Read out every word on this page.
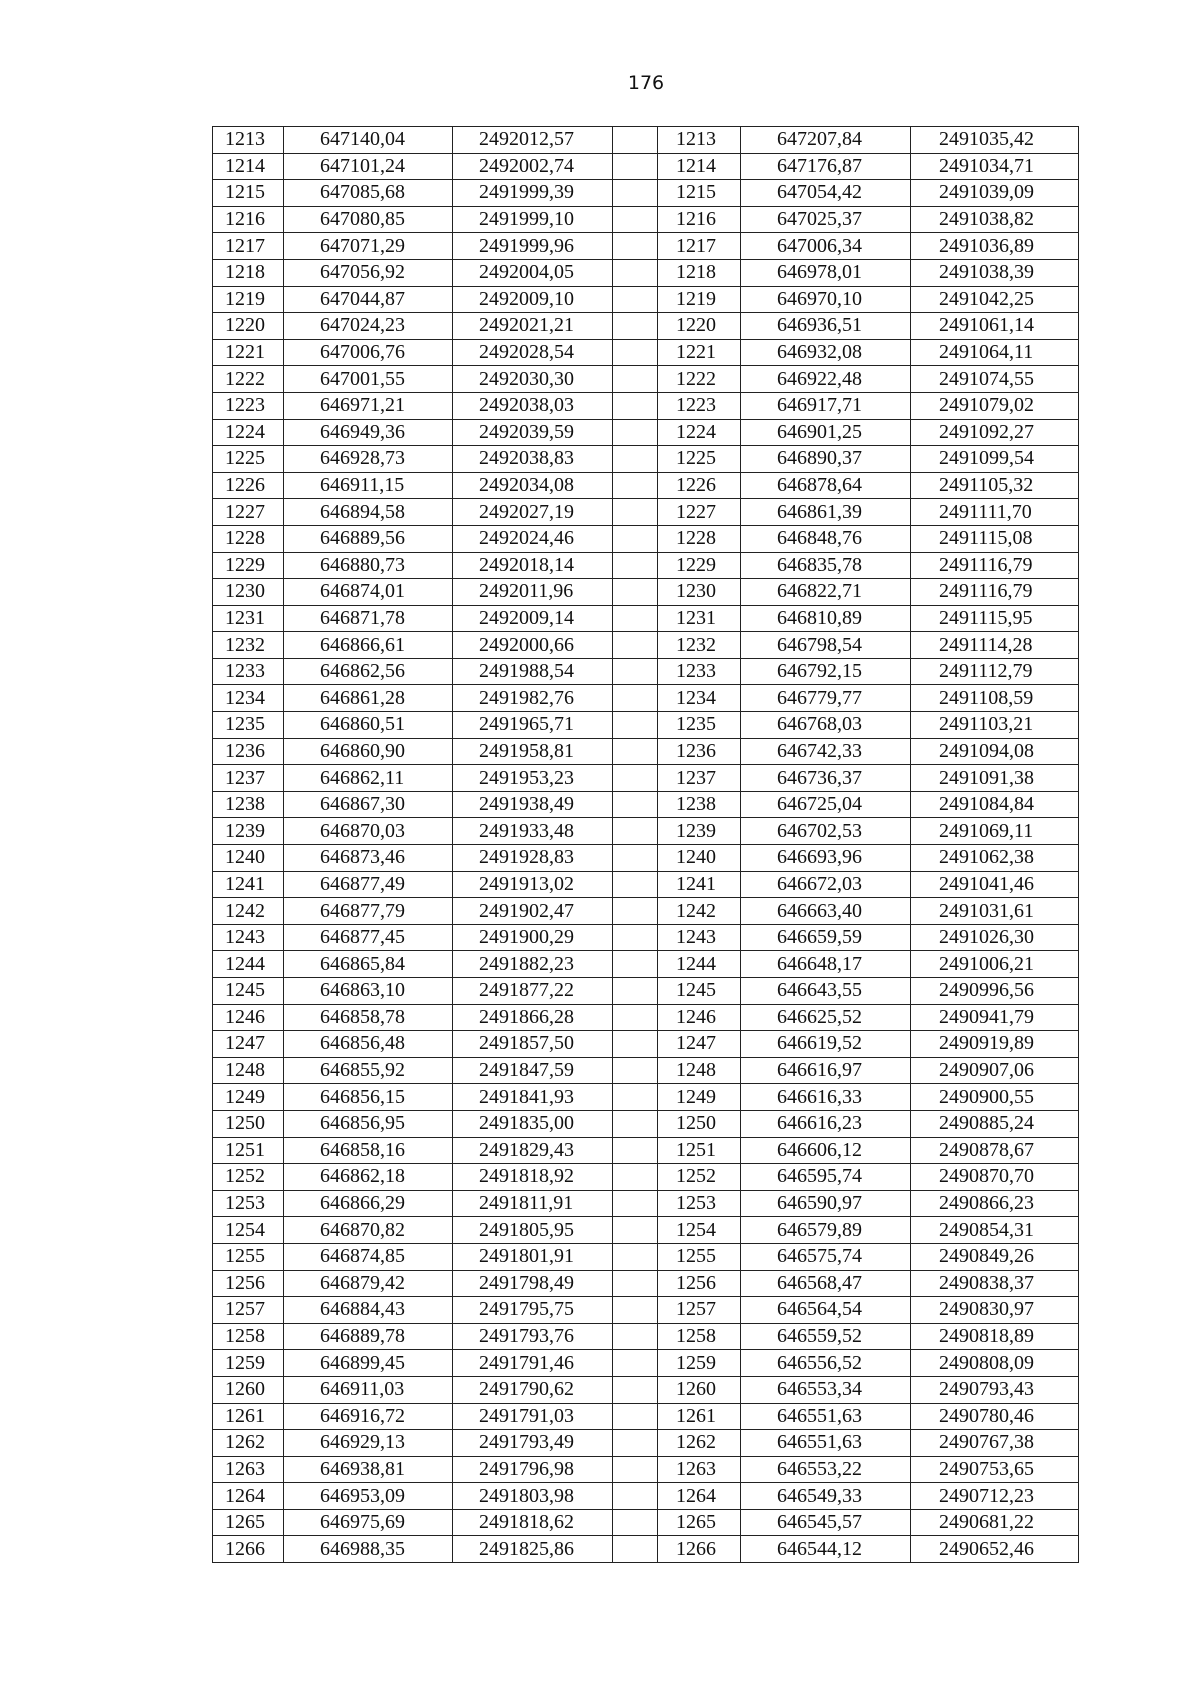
176
1213	647140,04	2492012,57		1213	647207,84	2491035,42
1214	647101,24	2492002,74		1214	647176,87	2491034,71
1215	647085,68	2491999,39		1215	647054,42	2491039,09
1216	647080,85	2491999,10		1216	647025,37	2491038,82
1217	647071,29	2491999,96		1217	647006,34	2491036,89
1218	647056,92	2492004,05		1218	646978,01	2491038,39
1219	647044,87	2492009,10		1219	646970,10	2491042,25
1220	647024,23	2492021,21		1220	646936,51	2491061,14
1221	647006,76	2492028,54		1221	646932,08	2491064,11
1222	647001,55	2492030,30		1222	646922,48	2491074,55
1223	646971,21	2492038,03		1223	646917,71	2491079,02
1224	646949,36	2492039,59		1224	646901,25	2491092,27
1225	646928,73	2492038,83		1225	646890,37	2491099,54
1226	646911,15	2492034,08		1226	646878,64	2491105,32
1227	646894,58	2492027,19		1227	646861,39	2491111,70
1228	646889,56	2492024,46		1228	646848,76	2491115,08
1229	646880,73	2492018,14		1229	646835,78	2491116,79
1230	646874,01	2492011,96		1230	646822,71	2491116,79
1231	646871,78	2492009,14		1231	646810,89	2491115,95
1232	646866,61	2492000,66		1232	646798,54	2491114,28
1233	646862,56	2491988,54		1233	646792,15	2491112,79
1234	646861,28	2491982,76		1234	646779,77	2491108,59
1235	646860,51	2491965,71		1235	646768,03	2491103,21
1236	646860,90	2491958,81		1236	646742,33	2491094,08
1237	646862,11	2491953,23		1237	646736,37	2491091,38
1238	646867,30	2491938,49		1238	646725,04	2491084,84
1239	646870,03	2491933,48		1239	646702,53	2491069,11
1240	646873,46	2491928,83		1240	646693,96	2491062,38
1241	646877,49	2491913,02		1241	646672,03	2491041,46
1242	646877,79	2491902,47		1242	646663,40	2491031,61
1243	646877,45	2491900,29		1243	646659,59	2491026,30
1244	646865,84	2491882,23		1244	646648,17	2491006,21
1245	646863,10	2491877,22		1245	646643,55	2490996,56
1246	646858,78	2491866,28		1246	646625,52	2490941,79
1247	646856,48	2491857,50		1247	646619,52	2490919,89
1248	646855,92	2491847,59		1248	646616,97	2490907,06
1249	646856,15	2491841,93		1249	646616,33	2490900,55
1250	646856,95	2491835,00		1250	646616,23	2490885,24
1251	646858,16	2491829,43		1251	646606,12	2490878,67
1252	646862,18	2491818,92		1252	646595,74	2490870,70
1253	646866,29	2491811,91		1253	646590,97	2490866,23
1254	646870,82	2491805,95		1254	646579,89	2490854,31
1255	646874,85	2491801,91		1255	646575,74	2490849,26
1256	646879,42	2491798,49		1256	646568,47	2490838,37
1257	646884,43	2491795,75		1257	646564,54	2490830,97
1258	646889,78	2491793,76		1258	646559,52	2490818,89
1259	646899,45	2491791,46		1259	646556,52	2490808,09
1260	646911,03	2491790,62		1260	646553,34	2490793,43
1261	646916,72	2491791,03		1261	646551,63	2490780,46
1262	646929,13	2491793,49		1262	646551,63	2490767,38
1263	646938,81	2491796,98		1263	646553,22	2490753,65
1264	646953,09	2491803,98		1264	646549,33	2490712,23
1265	646975,69	2491818,62		1265	646545,57	2490681,22
1266	646988,35	2491825,86		1266	646544,12	2490652,46
